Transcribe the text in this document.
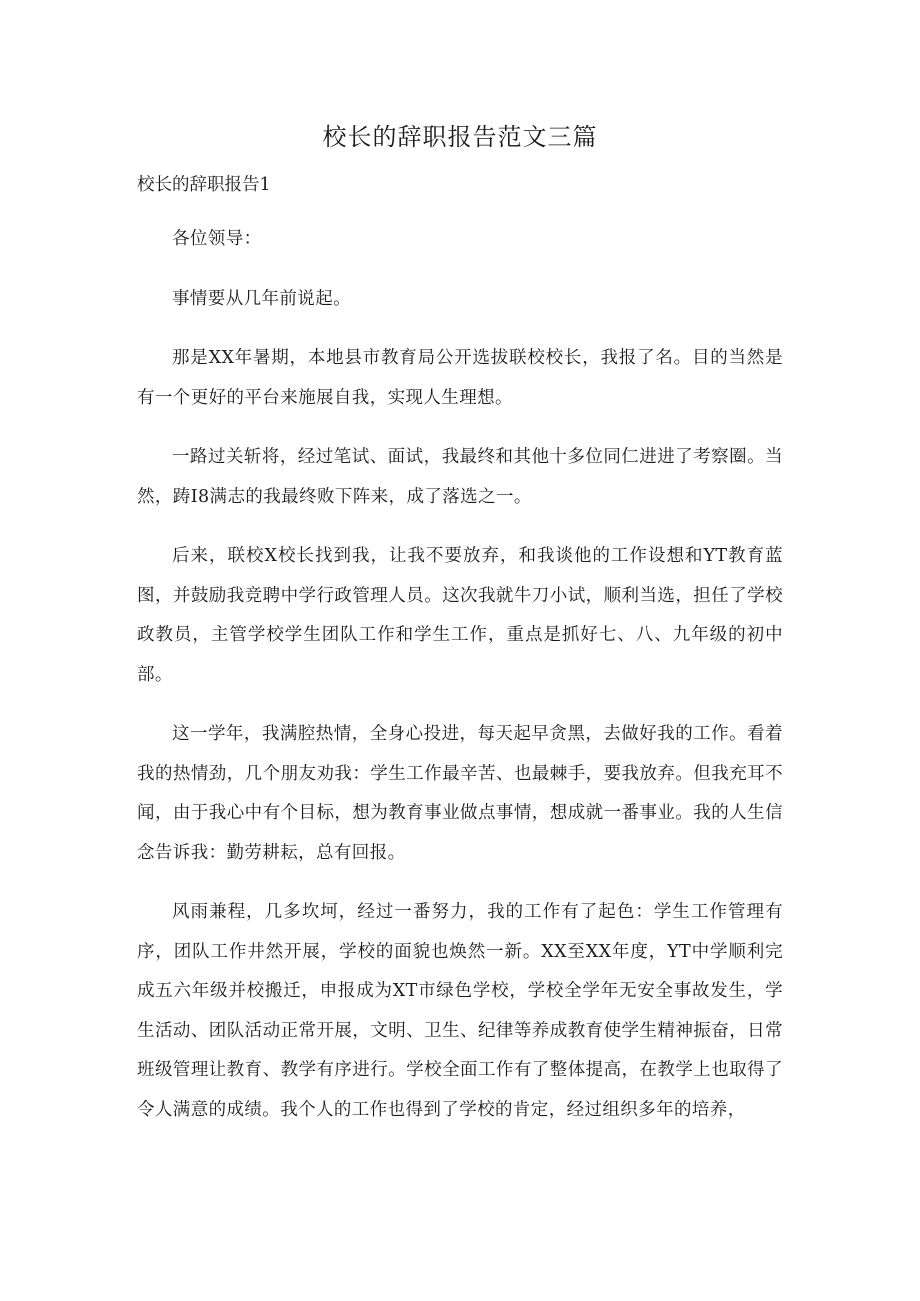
校长的辞职报告范文三篇

校长的辞职报告1

各位领导：

事情要从几年前说起。

那是XX年暑期，本地县市教育局公开选拔联校校长，我报了名。目的当然是有一个更好的平台来施展自我，实现人生理想。

一路过关斩将，经过笔试、面试，我最终和其他十多位同仁进进了考察圈。当然，踌I8满志的我最终败下阵来，成了落选之一。

后来，联校X校长找到我，让我不要放弃，和我谈他的工作设想和YT教育蓝图，并鼓励我竞聘中学行政管理人员。这次我就牛刀小试，顺利当选，担任了学校政教员，主管学校学生团队工作和学生工作，重点是抓好七、八、九年级的初中部。

这一学年，我满腔热情，全身心投进，每天起早贪黑，去做好我的工作。看着我的热情劲，几个朋友劝我：学生工作最辛苦、也最棘手，要我放弃。但我充耳不闻，由于我心中有个目标，想为教育事业做点事情，想成就一番事业。我的人生信念告诉我：勤劳耕耘，总有回报。

风雨兼程，几多坎坷，经过一番努力，我的工作有了起色：学生工作管理有序，团队工作井然开展，学校的面貌也焕然一新。XX至XX年度，YT中学顺利完成五六年级并校搬迁，申报成为XT市绿色学校，学校全学年无安全事故发生，学生活动、团队活动正常开展，文明、卫生、纪律等养成教育使学生精神振奋，日常班级管理让教育、教学有序进行。学校全面工作有了整体提高，在教学上也取得了令人满意的成绩。我个人的工作也得到了学校的肯定，经过组织多年的培养，
